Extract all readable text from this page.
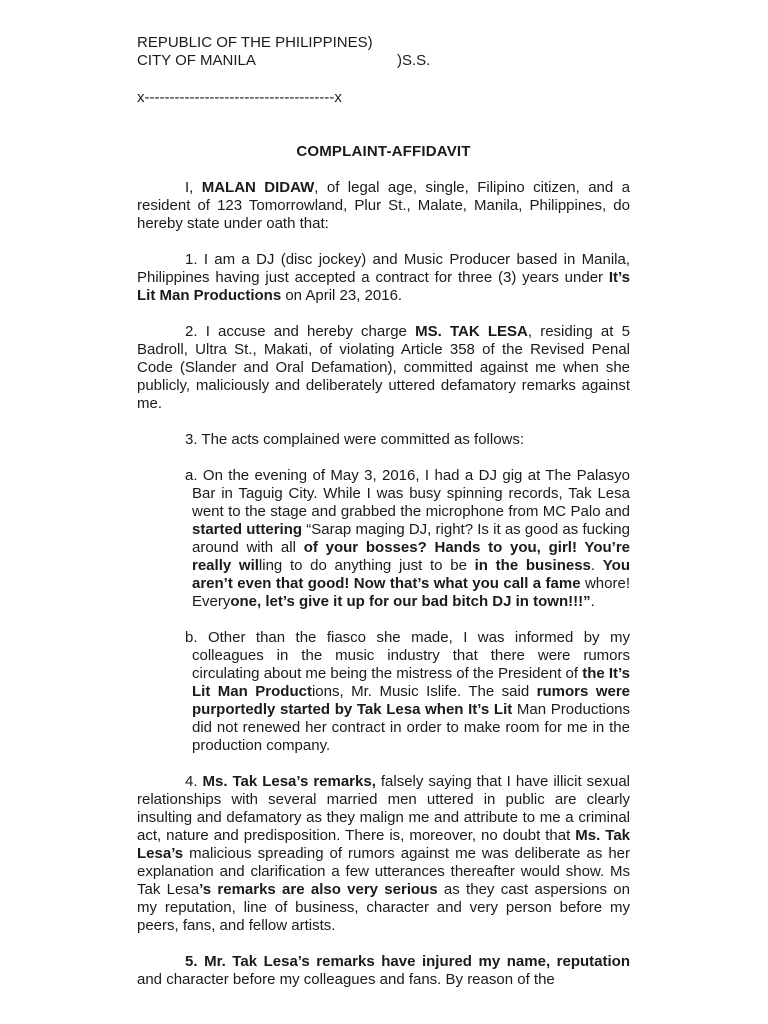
REPUBLIC OF THE PHILIPPINES)
CITY OF MANILA	)S.S.
x--------------------------------------x
COMPLAINT-AFFIDAVIT

I, MALAN DIDAW, of legal age, single, Filipino citizen, and a resident of 123 Tomorrowland, Plur St., Malate, Manila, Philippines, do hereby state under oath that:

1. I am a DJ (disc jockey) and Music Producer based in Manila, Philippines having just accepted a contract for three (3) years under It’s Lit Man Productions on April 23, 2016.

2. I accuse and hereby charge MS. TAK LESA, residing at 5 Badroll, Ultra St., Makati, of violating Article 358 of the Revised Penal Code (Slander and Oral Defamation), committed against me when she publicly, maliciously and deliberately uttered defamatory remarks against me.

3. The acts complained were committed as follows:

a. On the evening of May 3, 2016, I had a DJ gig at The Palasyo Bar in Taguig City. While I was busy spinning records, Tak Lesa went to the stage and grabbed the microphone from MC Palo and started uttering “Sarap maging DJ, right? Is it as good as fucking around with all of your bosses? Hands to you, girl! You’re really willing to do anything just to be in the business. You aren’t even that good! Now that’s what you call a fame whore! Everyone, let’s give it up for our bad bitch DJ in town!!!”.

b. Other than the fiasco she made, I was informed by my colleagues in the music industry that there were rumors circulating about me being the mistress of the President of the It’s Lit Man Productions, Mr. Music Islife. The said rumors were purportedly started by Tak Lesa when It’s Lit Man Productions did not renewed her contract in order to make room for me in the production company.

4. Ms. Tak Lesa’s remarks, falsely saying that I have illicit sexual relationships with several married men uttered in public are clearly insulting and defamatory as they malign me and attribute to me a criminal act, nature and predisposition. There is, moreover, no doubt that Ms. Tak Lesa’s malicious spreading of rumors against me was deliberate as her explanation and clarification a few utterances thereafter would show. Ms Tak Lesa’s remarks are also very serious as they cast aspersions on my reputation, line of business, character and very person before my peers, fans, and fellow artists.

5. Mr. Tak Lesa’s remarks have injured my name, reputation and character before my colleagues and fans. By reason of the
